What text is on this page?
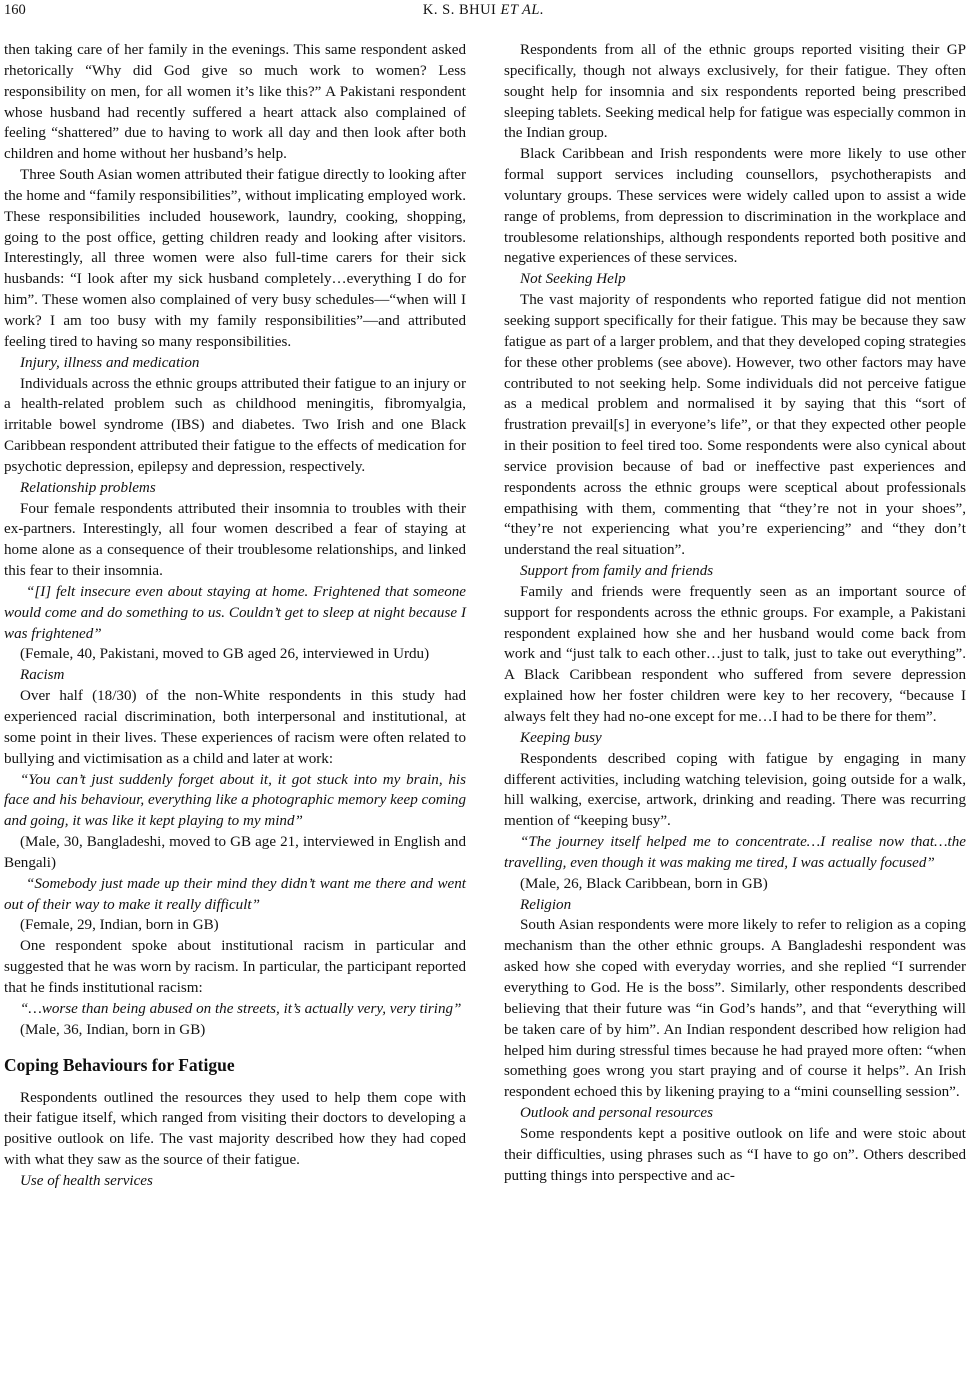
160	K. S. BHUI ET AL.

then taking care of her family in the evenings. This same respondent asked rhetorically “Why did God give so much work to women? Less responsibility on men, for all women it’s like this?” A Pakistani respondent whose husband had recently suffered a heart attack also complained of feeling “shattered” due to having to work all day and then look after both children and home without her husband’s help.

Three South Asian women attributed their fatigue directly to looking after the home and “family responsibilities”, without implicating employed work. These responsibilities included housework, laundry, cooking, shopping, going to the post office, getting children ready and looking after visitors. Interestingly, all three women were also full-time carers for their sick husbands: “I look after my sick husband completely…everything I do for him”. These women also complained of very busy schedules—“when will I work? I am too busy with my family responsibilities”—and attributed feeling tired to having so many responsibilities.

Injury, illness and medication

Individuals across the ethnic groups attributed their fatigue to an injury or a health-related problem such as childhood meningitis, fibromyalgia, irritable bowel syndrome (IBS) and diabetes. Two Irish and one Black Caribbean respondent attributed their fatigue to the effects of medication for psychotic depression, epilepsy and depression, respectively.

Relationship problems

Four female respondents attributed their insomnia to troubles with their ex-partners. Interestingly, all four women described a fear of staying at home alone as a consequence of their troublesome relationships, and linked this fear to their insomnia.

“[I] felt insecure even about staying at home. Frightened that someone would come and do something to us. Couldn’t get to sleep at night because I was frightened”

(Female, 40, Pakistani, moved to GB aged 26, interviewed in Urdu)

Racism

Over half (18/30) of the non-White respondents in this study had experienced racial discrimination, both interpersonal and institutional, at some point in their lives. These experiences of racism were often related to bullying and victimisation as a child and later at work:

“You can’t just suddenly forget about it, it got stuck into my brain, his face and his behaviour, everything like a photographic memory keep coming and going, it was like it kept playing to my mind”

(Male, 30, Bangladeshi, moved to GB age 21, interviewed in English and Bengali)

“Somebody just made up their mind they didn’t want me there and went out of their way to make it really difficult”

(Female, 29, Indian, born in GB)

One respondent spoke about institutional racism in particular and suggested that he was worn by racism. In particular, the participant reported that he finds institutional racism:

“…worse than being abused on the streets, it’s actually very, very tiring”

(Male, 36, Indian, born in GB)

Coping Behaviours for Fatigue

Respondents outlined the resources they used to help them cope with their fatigue itself, which ranged from visiting their doctors to developing a positive outlook on life. The vast majority described how they had coped with what they saw as the source of their fatigue.

Use of health services

Respondents from all of the ethnic groups reported visiting their GP specifically, though not always exclusively, for their fatigue. They often sought help for insomnia and six respondents reported being prescribed sleeping tablets. Seeking medical help for fatigue was especially common in the Indian group.

Black Caribbean and Irish respondents were more likely to use other formal support services including counsellors, psychotherapists and voluntary groups. These services were widely called upon to assist a wide range of problems, from depression to discrimination in the workplace and troublesome relationships, although respondents reported both positive and negative experiences of these services.

Not Seeking Help

The vast majority of respondents who reported fatigue did not mention seeking support specifically for their fatigue. This may be because they saw fatigue as part of a larger problem, and that they developed coping strategies for these other problems (see above). However, two other factors may have contributed to not seeking help. Some individuals did not perceive fatigue as a medical problem and normalised it by saying that this “sort of frustration prevail[s] in everyone’s life”, or that they expected other people in their position to feel tired too. Some respondents were also cynical about service provision because of bad or ineffective past experiences and respondents across the ethnic groups were sceptical about professionals empathising with them, commenting that “they’re not in your shoes”, “they’re not experiencing what you’re experiencing” and “they don’t understand the real situation”.

Support from family and friends

Family and friends were frequently seen as an important source of support for respondents across the ethnic groups. For example, a Pakistani respondent explained how she and her husband would come back from work and “just talk to each other…just to talk, just to take out everything”. A Black Caribbean respondent who suffered from severe depression explained how her foster children were key to her recovery, “because I always felt they had no-one except for me…I had to be there for them”.

Keeping busy

Respondents described coping with fatigue by engaging in many different activities, including watching television, going outside for a walk, hill walking, exercise, artwork, drinking and reading. There was recurring mention of “keeping busy”.

“The journey itself helped me to concentrate…I realise now that…the travelling, even though it was making me tired, I was actually focused”

(Male, 26, Black Caribbean, born in GB)

Religion

South Asian respondents were more likely to refer to religion as a coping mechanism than the other ethnic groups. A Bangladeshi respondent was asked how she coped with everyday worries, and she replied “I surrender everything to God. He is the boss”. Similarly, other respondents described believing that their future was “in God’s hands”, and that “everything will be taken care of by him”. An Indian respondent described how religion had helped him during stressful times because he had prayed more often: “when something goes wrong you start praying and of course it helps”. An Irish respondent echoed this by likening praying to a “mini counselling session”.

Outlook and personal resources

Some respondents kept a positive outlook on life and were stoic about their difficulties, using phrases such as “I have to go on”. Others described putting things into perspective and ac-
